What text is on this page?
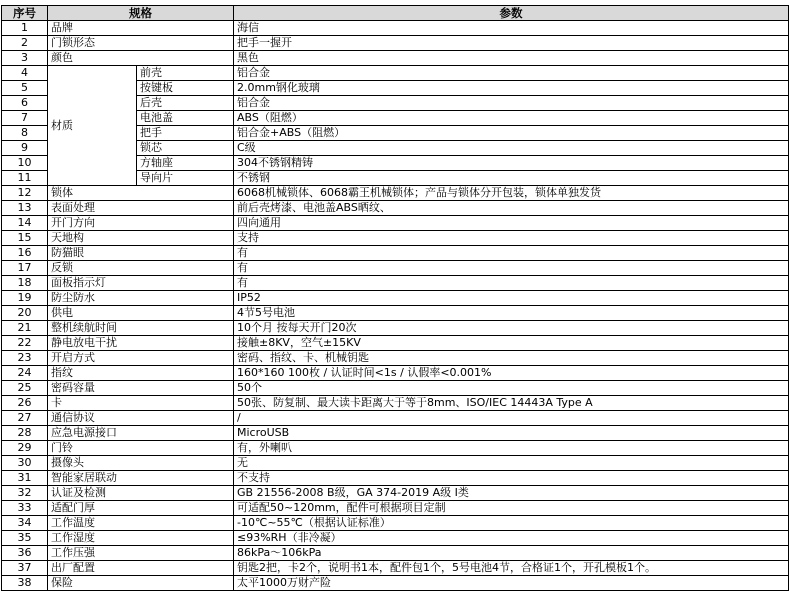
序号	规格		参数
1	品牌		海信
2	门锁形态		把手一握开
3	颜色		黑色
4	材质	前壳	铝合金
5		按键板	2.0mm钢化玻璃
6		后壳	铝合金
7		电池盖	ABS（阻燃）
8		把手	铝合金+ABS（阻燃）
9		锁芯	C级
10		方轴座	304不锈钢精铸
11		导向片	不锈钢
12	锁体		6068机械锁体、6068霸王机械锁体；产品与锁体分开包装，锁体单独发货
13	表面处理		前后壳烤漆、电池盖ABS晒纹、
14	开门方向		四向通用
15	天地构		支持
16	防猫眼		有
17	反锁		有
18	面板指示灯		有
19	防尘防水		IP52
20	供电		4节5号电池
21	整机续航时间		10个月 按每天开门20次
22	静电放电干扰		接触±8KV，空气±15KV
23	开启方式		密码、指纹、卡、机械钥匙
24	指纹		160*160 100枚 / 认证时间<1s / 认假率<0.001%
25	密码容量		50个
26	卡		50张、防复制、最大读卡距离大于等于8mm、ISO/IEC 14443A Type A
27	通信协议		/
28	应急电源接口		MicroUSB
29	门铃		有，外喇叭
30	摄像头		无
31	智能家居联动		不支持
32	认证及检测		GB 21556-2008 B级，GA 374-2019 A级 I类
33	适配门厚		可适配50~120mm，配件可根据项目定制
34	工作温度		-10℃~55℃（根据认证标准）
35	工作湿度		≤93%RH（非冷凝）
36	工作压强		86kPa～106kPa
37	出厂配置		钥匙2把，卡2个，说明书1本，配件包1个，5号电池4节，合格证1个，开孔模板1个。
38	保险		太平1000万财产险
